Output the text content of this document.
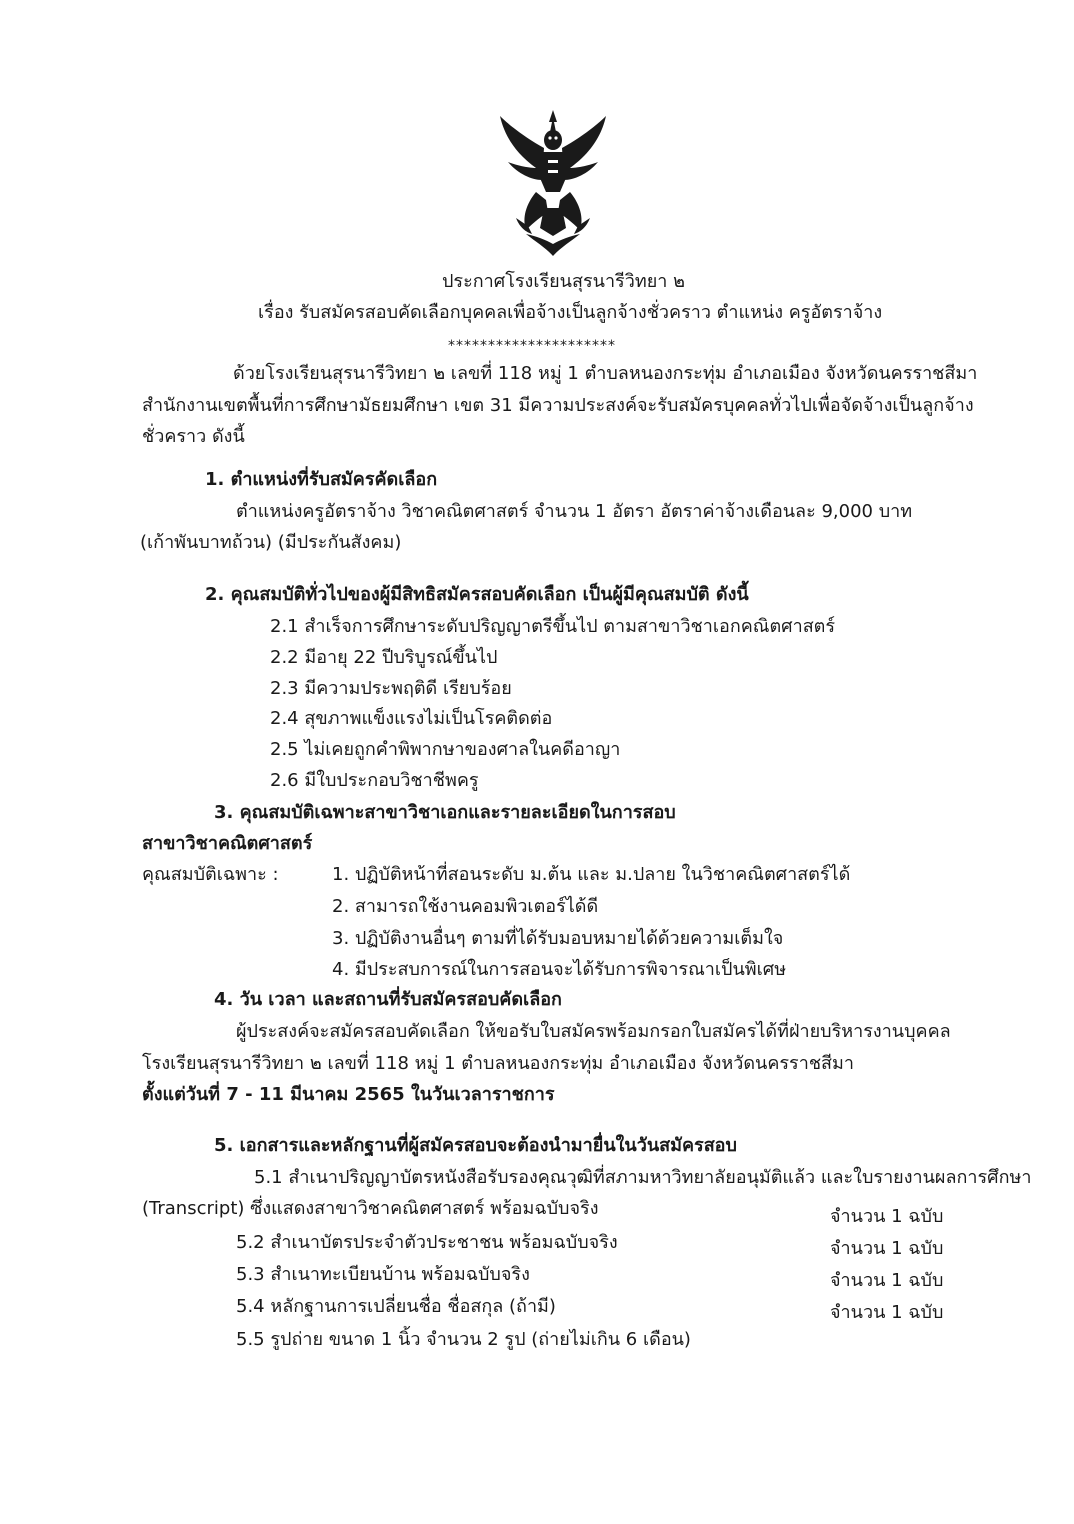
ประกาศโรงเรียนสุรนารีวิทยา ๒
เรื่อง รับสมัครสอบคัดเลือกบุคคลเพื่อจ้างเป็นลูกจ้างชั่วคราว ตำแหน่ง ครูอัตราจ้าง
*********************
ด้วยโรงเรียนสุรนารีวิทยา ๒ เลขที่ 118 หมู่ 1 ตำบลหนองกระทุ่ม อำเภอเมือง จังหวัดนครราชสีมา
สำนักงานเขตพื้นที่การศึกษามัธยมศึกษา เขต 31 มีความประสงค์จะรับสมัครบุคคลทั่วไปเพื่อจัดจ้างเป็นลูกจ้าง
ชั่วคราว ดังนี้
1. ตำแหน่งที่รับสมัครคัดเลือก
ตำแหน่งครูอัตราจ้าง วิชาคณิตศาสตร์ จำนวน 1 อัตรา อัตราค่าจ้างเดือนละ 9,000 บาท
(เก้าพันบาทถ้วน) (มีประกันสังคม)
2. คุณสมบัติทั่วไปของผู้มีสิทธิสมัครสอบคัดเลือก เป็นผู้มีคุณสมบัติ ดังนี้
2.1 สำเร็จการศึกษาระดับปริญญาตรีขึ้นไป ตามสาขาวิชาเอกคณิตศาสตร์
2.2 มีอายุ 22 ปีบริบูรณ์ขึ้นไป
2.3 มีความประพฤติดี เรียบร้อย
2.4 สุขภาพแข็งแรงไม่เป็นโรคติดต่อ
2.5 ไม่เคยถูกคำพิพากษาของศาลในคดีอาญา
2.6 มีใบประกอบวิชาชีพครู
3. คุณสมบัติเฉพาะสาขาวิชาเอกและรายละเอียดในการสอบ
สาขาวิชาคณิตศาสตร์
คุณสมบัติเฉพาะ :	1. ปฏิบัติหน้าที่สอนระดับ ม.ต้น และ ม.ปลาย ในวิชาคณิตศาสตร์ได้
2. สามารถใช้งานคอมพิวเตอร์ได้ดี
3. ปฏิบัติงานอื่นๆ ตามที่ได้รับมอบหมายได้ด้วยความเต็มใจ
4. มีประสบการณ์ในการสอนจะได้รับการพิจารณาเป็นพิเศษ
4. วัน เวลา และสถานที่รับสมัครสอบคัดเลือก
ผู้ประสงค์จะสมัครสอบคัดเลือก ให้ขอรับใบสมัครพร้อมกรอกใบสมัครได้ที่ฝ่ายบริหารงานบุคคล
โรงเรียนสุรนารีวิทยา ๒ เลขที่ 118 หมู่ 1 ตำบลหนองกระทุ่ม อำเภอเมือง จังหวัดนครราชสีมา
ตั้งแต่วันที่ 7 - 11 มีนาคม 2565 ในวันเวลาราชการ
5. เอกสารและหลักฐานที่ผู้สมัครสอบจะต้องนำมายื่นในวันสมัครสอบ
5.1 สำเนาปริญญาบัตรหนังสือรับรองคุณวุฒิที่สภามหาวิทยาลัยอนุมัติแล้ว และใบรายงานผลการศึกษา
(Transcript) ซึ่งแสดงสาขาวิชาคณิตศาสตร์ พร้อมฉบับจริง	จำนวน 1 ฉบับ
5.2 สำเนาบัตรประจำตัวประชาชน พร้อมฉบับจริง	จำนวน 1 ฉบับ
5.3 สำเนาทะเบียนบ้าน พร้อมฉบับจริง	จำนวน 1 ฉบับ
5.4 หลักฐานการเปลี่ยนชื่อ ชื่อสกุล (ถ้ามี)	จำนวน 1 ฉบับ
5.5 รูปถ่าย ขนาด 1 นิ้ว จำนวน 2 รูป (ถ่ายไม่เกิน 6 เดือน)
